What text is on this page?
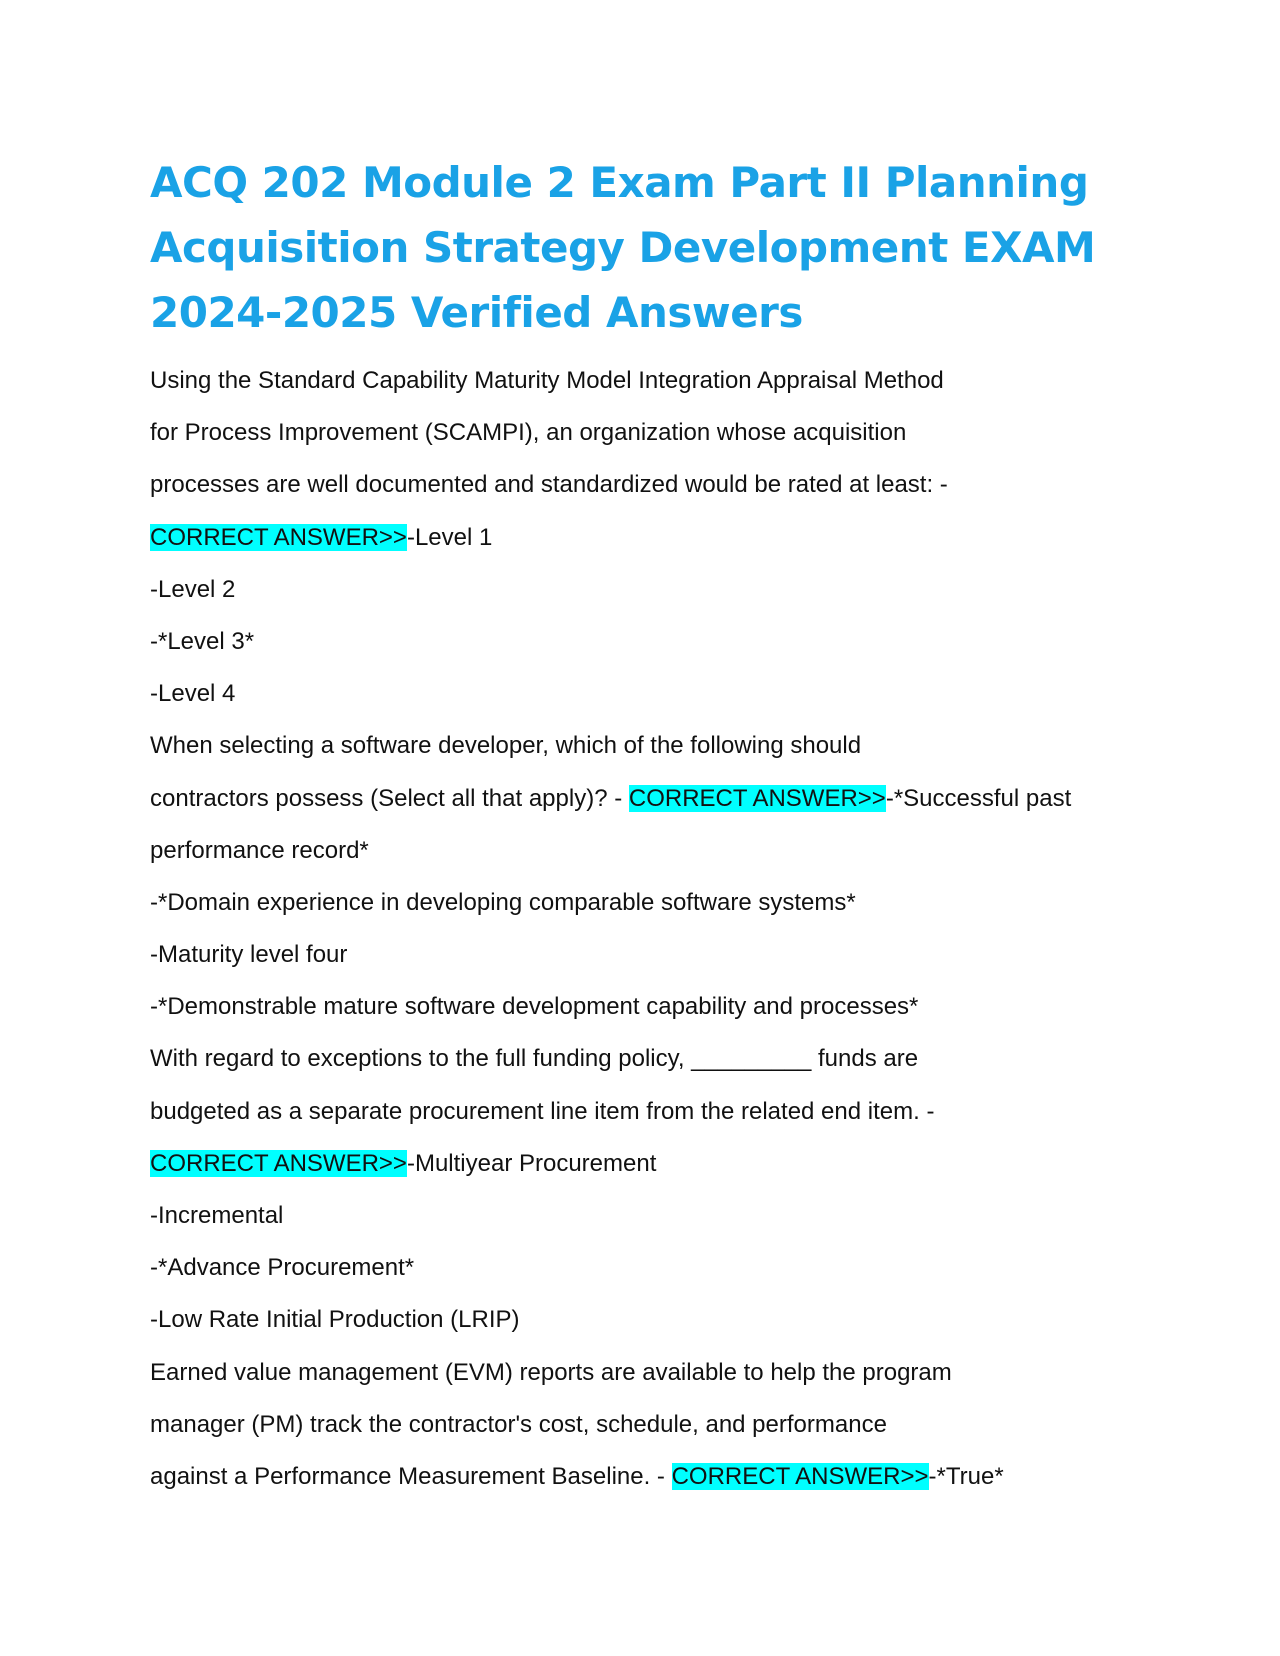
ACQ 202 Module 2 Exam Part II Planning
Acquisition Strategy Development EXAM
2024-2025 Verified Answers
Using the Standard Capability Maturity Model Integration Appraisal Method
for Process Improvement (SCAMPI), an organization whose acquisition
processes are well documented and standardized would be rated at least: -
CORRECT ANSWER>>-Level 1
-Level 2
-*Level 3*
-Level 4
When selecting a software developer, which of the following should
contractors possess (Select all that apply)? - CORRECT ANSWER>>-*Successful past
performance record*
-*Domain experience in developing comparable software systems*
-Maturity level four
-*Demonstrable mature software development capability and processes*
With regard to exceptions to the full funding policy, _________ funds are
budgeted as a separate procurement line item from the related end item. -
CORRECT ANSWER>>-Multiyear Procurement
-Incremental
-*Advance Procurement*
-Low Rate Initial Production (LRIP)
Earned value management (EVM) reports are available to help the program
manager (PM) track the contractor's cost, schedule, and performance
against a Performance Measurement Baseline. - CORRECT ANSWER>>-*True*
